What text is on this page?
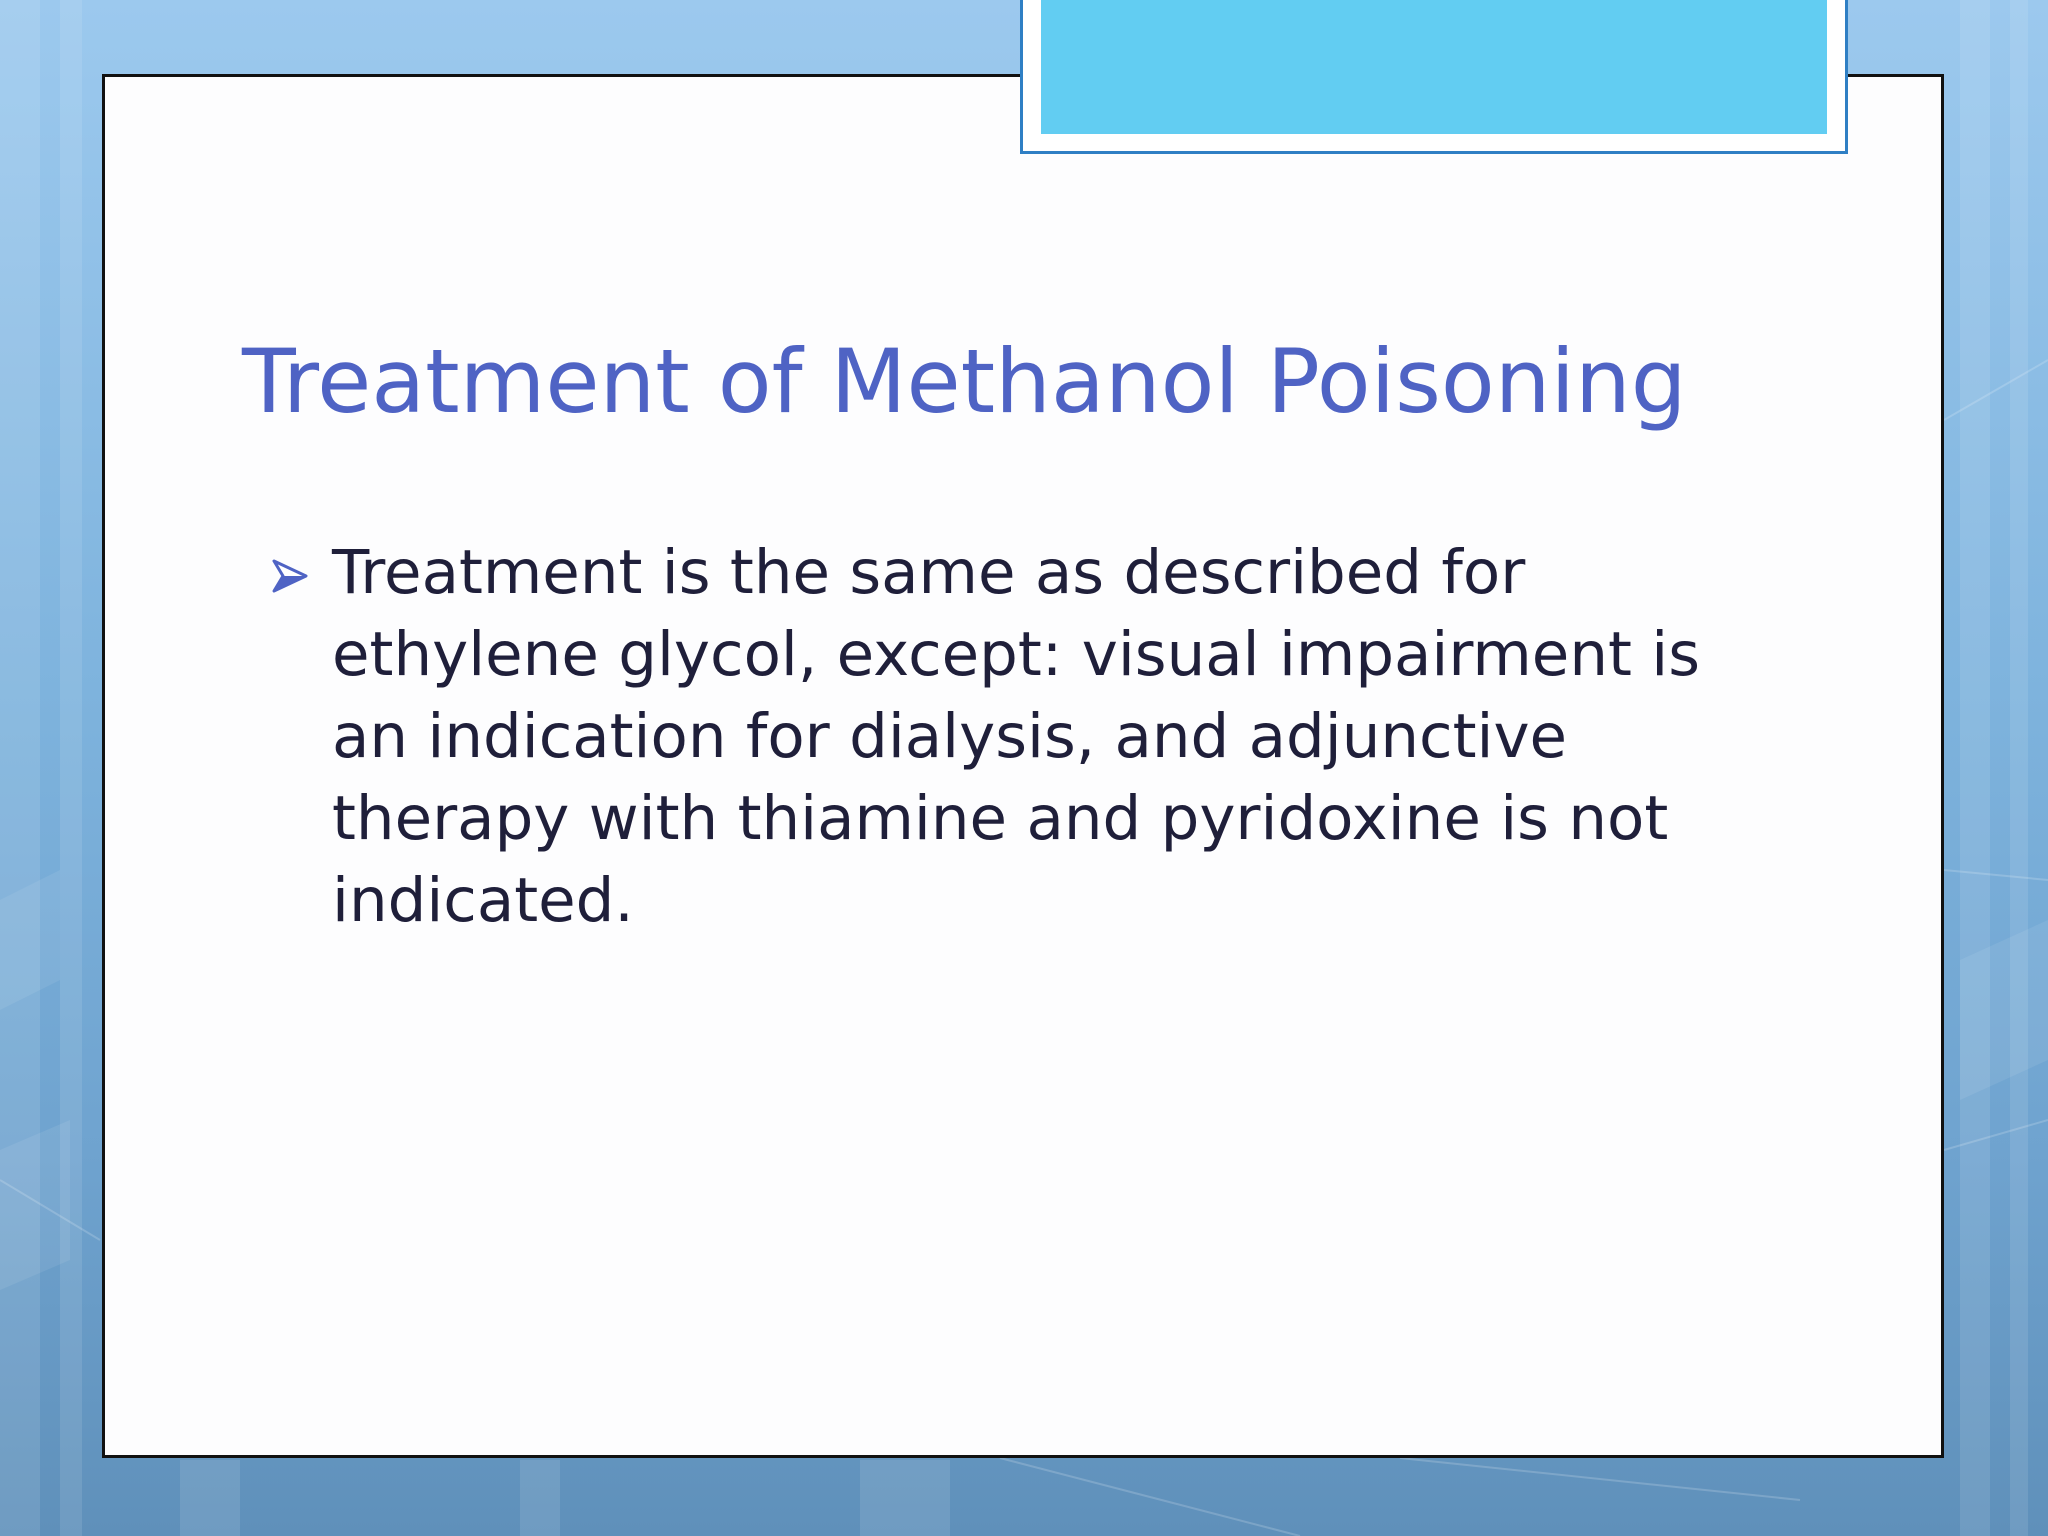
Treatment of Methanol Poisoning
Treatment is the same as described for ethylene glycol, except: visual impairment is an indication for dialysis, and adjunctive therapy with thiamine and pyridoxine is not indicated.
